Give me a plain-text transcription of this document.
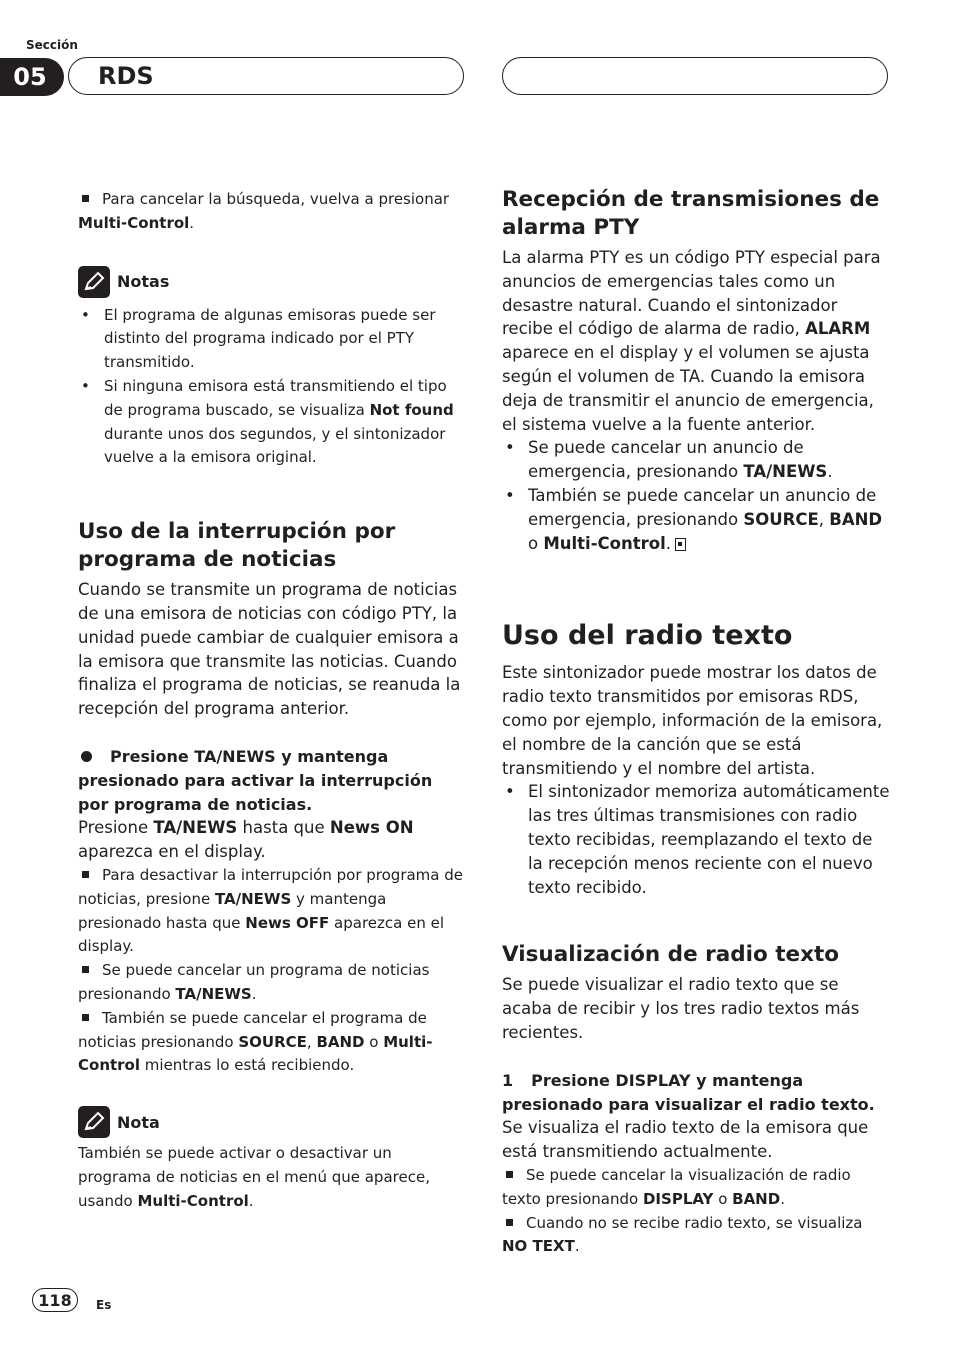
Sección
05	RDS

Para cancelar la búsqueda, vuelva a presionar Multi-Control.

Notas
• El programa de algunas emisoras puede ser distinto del programa indicado por el PTY transmitido.
• Si ninguna emisora está transmitiendo el tipo de programa buscado, se visualiza Not found durante unos dos segundos, y el sintonizador vuelve a la emisora original.
Uso de la interrupción por programa de noticias

Cuando se transmite un programa de noticias de una emisora de noticias con código PTY, la unidad puede cambiar de cualquier emisora a la emisora que transmite las noticias. Cuando finaliza el programa de noticias, se reanuda la recepción del programa anterior.

Presione TA/NEWS y mantenga presionado para activar la interrupción por programa de noticias.

Presione TA/NEWS hasta que News ON aparezca en el display.

Para desactivar la interrupción por programa de noticias, presione TA/NEWS y mantenga presionado hasta que News OFF aparezca en el display.

Se puede cancelar un programa de noticias presionando TA/NEWS.

También se puede cancelar el programa de noticias presionando SOURCE, BAND o Multi-Control mientras lo está recibiendo.

Nota

También se puede activar o desactivar un programa de noticias en el menú que aparece, usando Multi-Control.

Recepción de transmisiones de alarma PTY

La alarma PTY es un código PTY especial para anuncios de emergencias tales como un desastre natural. Cuando el sintonizador recibe el código de alarma de radio, ALARM aparece en el display y el volumen se ajusta según el volumen de TA. Cuando la emisora deja de transmitir el anuncio de emergencia, el sistema vuelve a la fuente anterior.

• Se puede cancelar un anuncio de emergencia, presionando TA/NEWS.
• También se puede cancelar un anuncio de emergencia, presionando SOURCE, BAND o Multi-Control.
Uso del radio texto

Este sintonizador puede mostrar los datos de radio texto transmitidos por emisoras RDS, como por ejemplo, información de la emisora, el nombre de la canción que se está transmitiendo y el nombre del artista.

• El sintonizador memoriza automáticamente las tres últimas transmisiones con radio texto recibidas, reemplazando el texto de la recepción menos reciente con el nuevo texto recibido.
Visualización de radio texto

Se puede visualizar el radio texto que se acaba de recibir y los tres radio textos más recientes.

1 Presione DISPLAY y mantenga presionado para visualizar el radio texto.

Se visualiza el radio texto de la emisora que está transmitiendo actualmente.

Se puede cancelar la visualización de radio texto presionando DISPLAY o BAND.

Cuando no se recibe radio texto, se visualiza NO TEXT.

118	Es
